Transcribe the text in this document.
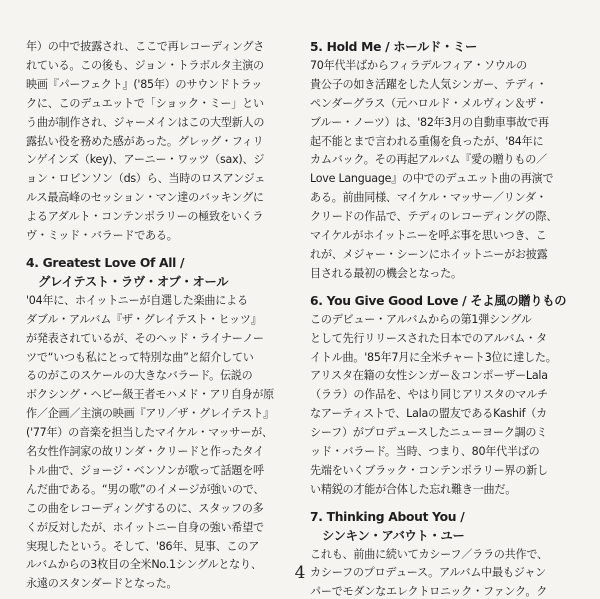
年）の中で披露され、ここで再レコーディングさ
れている。この後も、ジョン・トラボルタ主演の
映画『パーフェクト』('85年）のサウンドトラッ
クに、このデュエットで「ショック・ミー」とい
う曲が制作され、ジャーメインはこの大型新人の
露払い役を務めた感があった。グレッグ・フィリ
ンゲインズ（key)、アーニー・ワッツ（sax)、ジ
ョン・ロビンソン（ds）ら、当時のロスアンジェ
ルス最高峰のセッション・マン達のバッキングに
よるアダルト・コンテンポラリーの極致をいくラ
ヴ・ミッド・バラードである。

4. Greatest Love Of All /
　グレイテスト・ラヴ・オブ・オール

'04年に、ホイットニーが自選した楽曲による
ダブル・アルバム『ザ・グレイテスト・ヒッツ』
が発表されているが、そのヘッド・ライナーノー
ツで“いつも私にとって特別な曲”と紹介してい
るのがこのスケールの大きなバラード。伝説の
ボクシング・ヘビー級王者モハメド・アリ自身が原
作／企画／主演の映画『アリ／ザ・グレイテスト』
('77年）の音楽を担当したマイケル・マッサーが、
名女性作詞家の故リンダ・クリードと作ったタイ
トル曲で、ジョージ・ベンソンが歌って話題を呼
んだ曲である。“男の歌”のイメージが強いので、
この曲をレコーディングするのに、スタッフの多
くが反対したが、ホイットニー自身の強い希望で
実現したという。そして、'86年、見事、このア
ルバムからの3枚目の全米No.1シングルとなり、
永遠のスタンダードとなった。

5. Hold Me / ホールド・ミー

70年代半ばからフィラデルフィア・ソウルの
貴公子の如き活躍をした人気シンガー、テディ・
ペンダーグラス（元ハロルド・メルヴィン＆ザ・
ブルー・ノーツ）は、'82年3月の自動車事故で再
起不能とまで言われる重傷を負ったが、'84年に
カムバック。その再起アルバム『愛の贈りもの／
Love Language』の中でのデュエット曲の再演で
ある。前曲同様、マイケル・マッサー／リンダ・
クリードの作品で、テディのレコーディングの際、
マイケルがホイットニーを呼ぶ事を思いつき、こ
れが、メジャー・シーンにホイットニーがお披露
目される最初の機会となった。

6. You Give Good Love / そよ風の贈りもの

このデビュー・アルバムからの第1弾シングル
として先行リリースされた日本でのアルバム・タ
イトル曲。'85年7月に全米チャート3位に達した。
アリスタ在籍の女性シンガー＆コンポーザーLala
（ララ）の作品を、やはり同じアリスタのマルチ
なアーティストで、Lalaの盟友であるKashif（カ
シーフ）がプロデュースしたニューヨーク調のミ
ッド・バラード。当時、つまり、80年代半ばの
先端をいくブラック・コンテンポラリー界の新し
い精鋭の才能が合体した忘れ難き一曲だ。

7. Thinking About You /
　シンキン・アバウト・ユー

これも、前曲に続いてカシーフ／ララの共作で、
カシーフのプロデュース。アルバム中最もジャン
パーでモダンなエレクトロニック・ファンク。ク

4
